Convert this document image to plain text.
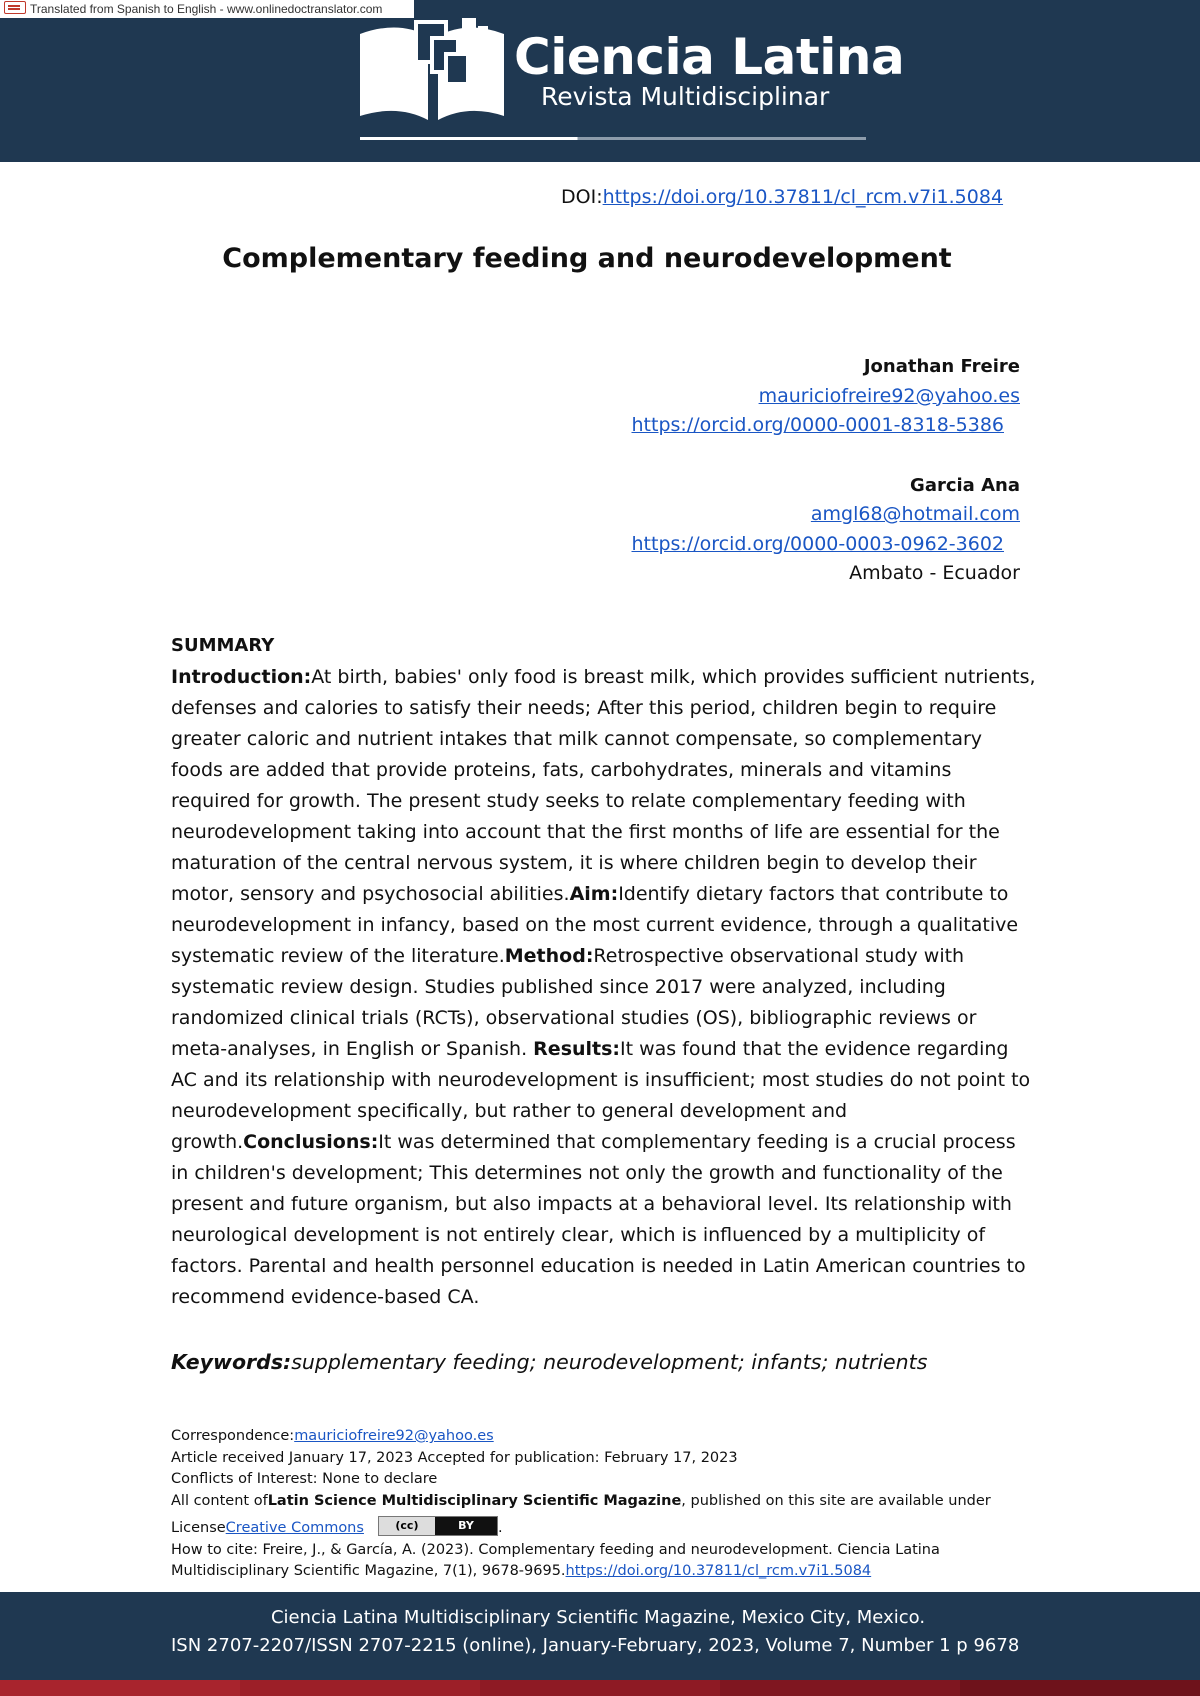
Translated from Spanish to English - www.onlinedoctranslator.com
Ciencia Latina
Revista Multidisciplinar
DOI:https://doi.org/10.37811/cl_rcm.v7i1.5084
Complementary feeding and neurodevelopment
Jonathan Freire
mauriciofreire92@yahoo.es
https://orcid.org/0000-0001-8318-5386
Garcia Ana
amgl68@hotmail.com
https://orcid.org/0000-0003-0962-3602
Ambato - Ecuador
SUMMARY

Introduction:At birth, babies' only food is breast milk, which provides sufficient nutrients, defenses and calories to satisfy their needs; After this period, children begin to require greater caloric and nutrient intakes that milk cannot compensate, so complementary foods are added that provide proteins, fats, carbohydrates, minerals and vitamins required for growth. The present study seeks to relate complementary feeding with neurodevelopment taking into account that the first months of life are essential for the maturation of the central nervous system, it is where children begin to develop their motor, sensory and psychosocial abilities.Aim:Identify dietary factors that contribute to neurodevelopment in infancy, based on the most current evidence, through a qualitative systematic review of the literature.Method:Retrospective observational study with systematic review design. Studies published since 2017 were analyzed, including randomized clinical trials (RCTs), observational studies (OS), bibliographic reviews or meta-analyses, in English or Spanish. Results:It was found that the evidence regarding AC and its relationship with neurodevelopment is insufficient; most studies do not point to neurodevelopment specifically, but rather to general development and growth.Conclusions:It was determined that complementary feeding is a crucial process in children's development; This determines not only the growth and functionality of the present and future organism, but also impacts at a behavioral level. Its relationship with neurological development is not entirely clear, which is influenced by a multiplicity of factors. Parental and health personnel education is needed in Latin American countries to recommend evidence-based CA.

Keywords:supplementary feeding; neurodevelopment; infants; nutrients
Correspondence:mauriciofreire92@yahoo.es
Article received January 17, 2023 Accepted for publication: February 17, 2023
Conflicts of Interest: None to declare
All content ofLatin Science Multidisciplinary Scientific Magazine, published on this site are available under
LicenseCreative Commons	(cc)	BY	.
How to cite: Freire, J., & García, A. (2023). Complementary feeding and neurodevelopment. Ciencia Latina
Multidisciplinary Scientific Magazine, 7(1), 9678-9695.https://doi.org/10.37811/cl_rcm.v7i1.5084
Ciencia Latina Multidisciplinary Scientific Magazine, Mexico City, Mexico.
ISN 2707-2207/ISSN 2707-2215 (online), January-February, 2023, Volume 7, Number 1 p 9678
